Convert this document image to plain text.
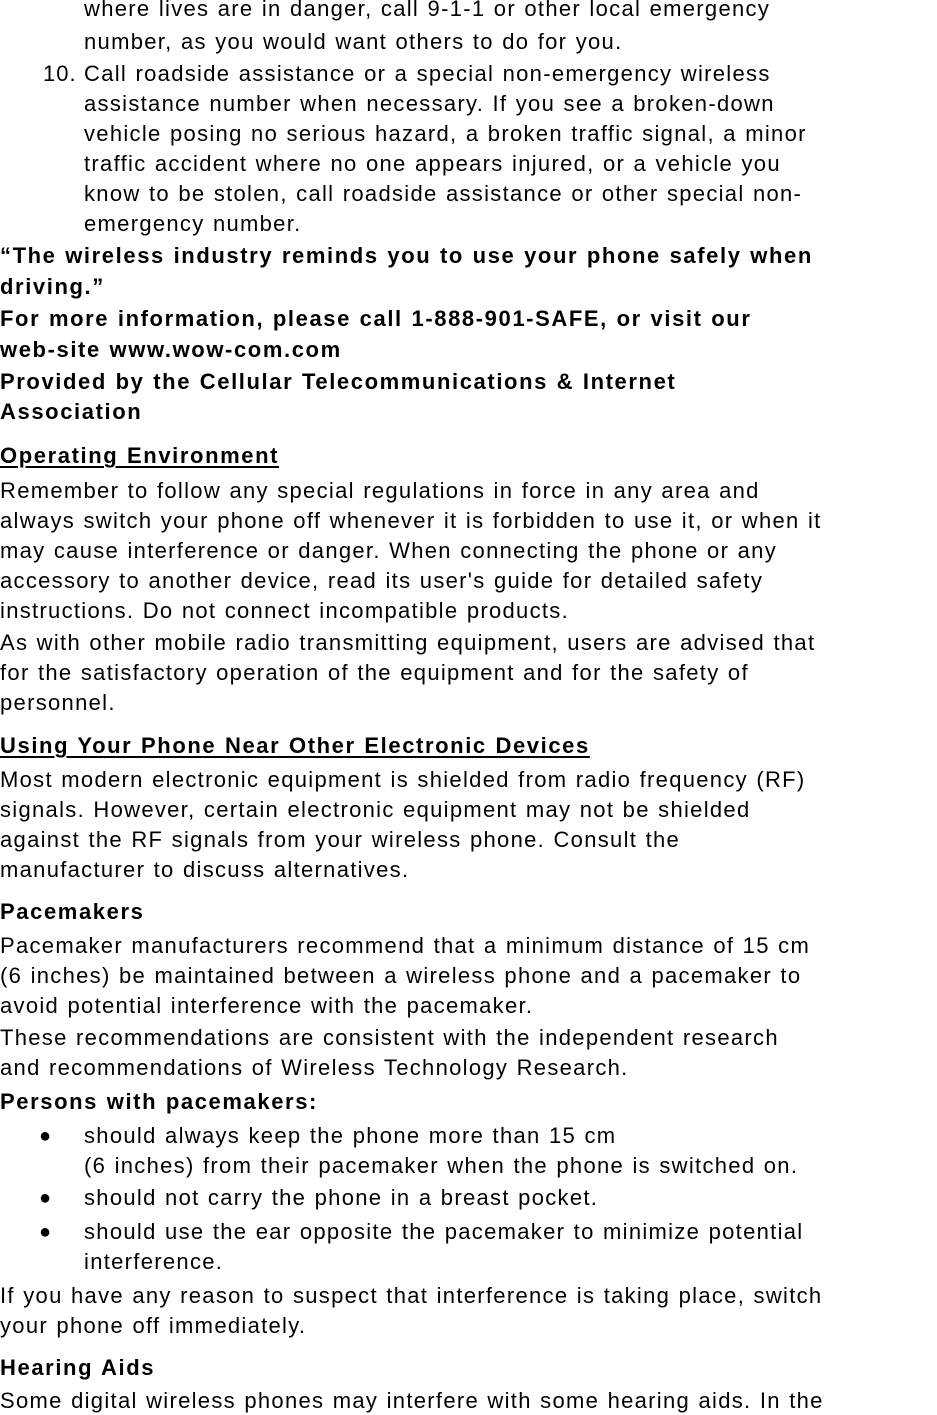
where lives are in danger, call 9-1-1 or other local emergency
number, as you would want others to do for you.
10. Call roadside assistance or a special non-emergency wireless
assistance number when necessary. If you see a broken-down
vehicle posing no serious hazard, a broken traffic signal, a minor
traffic accident where no one appears injured, or a vehicle you
know to be stolen, call roadside assistance or other special non-
emergency number.
“The wireless industry reminds you to use your phone safely when
driving.”
For more information, please call 1-888-901-SAFE, or visit our
web-site www.wow-com.com
Provided by the Cellular Telecommunications & Internet
Association
Operating Environment
Remember to follow any special regulations in force in any area and
always switch your phone off whenever it is forbidden to use it, or when it
may cause interference or danger. When connecting the phone or any
accessory to another device, read its user's guide for detailed safety
instructions. Do not connect incompatible products.
As with other mobile radio transmitting equipment, users are advised that
for the satisfactory operation of the equipment and for the safety of
personnel.
Using Your Phone Near Other Electronic Devices
Most modern electronic equipment is shielded from radio frequency (RF)
signals. However, certain electronic equipment may not be shielded
against the RF signals from your wireless phone. Consult the
manufacturer to discuss alternatives.
Pacemakers
Pacemaker manufacturers recommend that a minimum distance of 15 cm
(6 inches) be maintained between a wireless phone and a pacemaker to
avoid potential interference with the pacemaker.
These recommendations are consistent with the independent research
and recommendations of Wireless Technology Research.
Persons with pacemakers:
● should always keep the phone more than 15 cm
(6 inches) from their pacemaker when the phone is switched on.
● should not carry the phone in a breast pocket.
● should use the ear opposite the pacemaker to minimize potential
interference.
If you have any reason to suspect that interference is taking place, switch
your phone off immediately.
Hearing Aids
Some digital wireless phones may interfere with some hearing aids. In the
